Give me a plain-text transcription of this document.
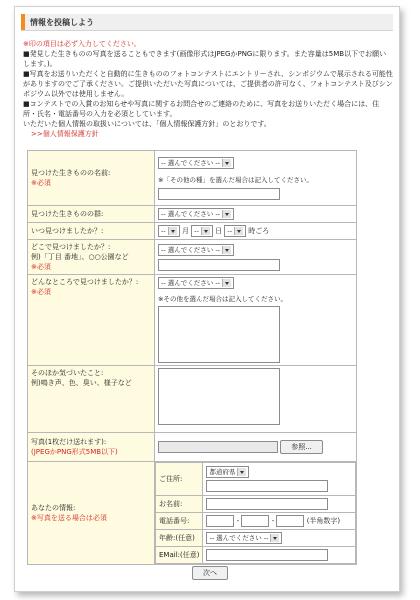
情報を投稿しよう

※印の項目は必ず入力してください。

■発見した生きものの写真を送ることもできます(画像形式はJPEGかPNGに限ります。また容量は5MB以下でお願いします。)。

■写真をお送りいただくと自動的に生きもののフォトコンテストにエントリーされ、シンポジウムで展示される可能性がありますのでご了承ください。ご提供いただいた写真については、ご提供者の許可なく、フォトコンテスト及びシンポジウム以外では使用しません。

■コンテストでの入賞のお知らせや写真に関するお問合せのご連絡のために、写真をお送りいただく場合には、住所・氏名・電話番号の入力を必須としています。

いただいた個人情報の取扱いについては、「個人情報保護方針」のとおりです。

>>個人情報保護方針

見つけた生きものの名前:
※必須
	-- 選んでください --
※「その他の種」を選んだ場合は記入してください。

見つけた生きものの群:	-- 選んでください --
いつ見つけましたか？:	-- 月 -- 日 -- 時ごろ

どこで見つけましたか？:
例)「丁目 番地」、○○公園など
※必須
	-- 選んでください --

どんなところで見つけましたか？:
※必須
	-- 選んでください --
※その他を選んだ場合は記入してください。

そのほか気づいたこと:
例)鳴き声、色、臭い、様子など

写真(1枚だけ送れます):
(JPEGかPNG形式5MB以下)
	参照...

あなたの情報:
※写真を送る場合は必須

ご住所:	都道府県

お名前:	
電話番号:	-	-	(半角数字)
年齢:(任意)	-- 選んでください --
EMail:(任意)	
次へ
